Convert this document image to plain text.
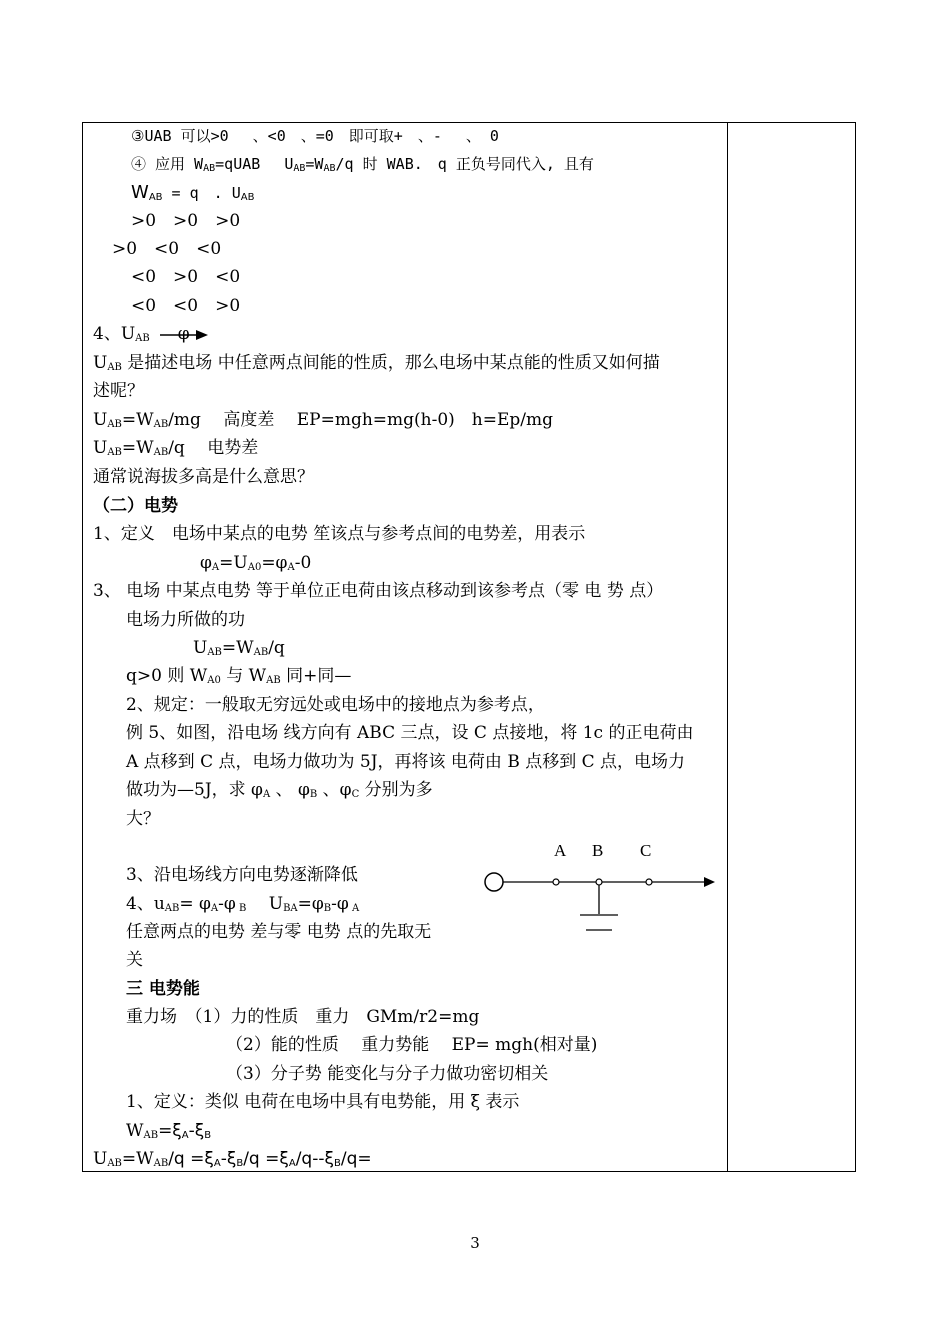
③UAB 可以>0　 、<0　、=0　即可取+　、-　 、 0
④ 应用 $W_{AB}=qUAB$　 $U_{AB}=W_{AB}/q$ 时 WAB.　q 正负号同代入, 且有
$W_{AB} = q$　. $U_{AB}$
>0　>0　>0
>0　<0　<0
<0　>0　<0
<0　<0　>0
4、$U_{AB}$ φ
$U_{AB}$ 是描述电场 中任意两点间能的性质，那么电场中某点能的性质又如何描
述呢？
$U_{AB}=W_{AB}/mg$　 高度差　 EP=mgh=mg(h-0)　h=Ep/mg
$U_{AB}=W_{AB}/q$　 电势差
通常说海拔多高是什么意思？
（二）电势
1、定义　电场中某点的电势 笙该点与参考点间的电势差，用表示
$\varphi_A=U_{A0}=\varphi_A-0$
3、 电场 中某点电势 等于单位正电荷由该点移动到该参考点（零 电 势 点）
电场力所做的功
$U_{AB}=W_{AB}/q$
q>0 则 $W_{A0}$ 与 $W_{AB}$ 同+同—
2、规定：一般取无穷远处或电场中的接地点为参考点，
例 5、如图，沿电场 线方向有 ABC 三点，设 C 点接地，将 1c 的正电荷由
A 点移到 C 点，电场力做功为 5J，再将该 电荷由 B 点移到 C 点，电场力
做功为—5J，求 $\varphi_A$ 、 $\varphi_B$ 、$\varphi_C$ 分别为多
大？
3、沿电场线方向电势逐渐降低
4、$u_{AB}= \varphi_A-\varphi$ $_B$　 $U_{BA}=\varphi_B-\varphi$ $_A$
任意两点的电势 差与零 电势 点的先取无
关
三 电势能
重力场　（1）力的性质　重力　GMm/r2=mg
（2）能的性质　 重力势能　 EP= mgh(相对量)
（3）分子势 能变化与分子力做功密切相关
1、定义：类似 电荷在电场中具有电势能，用 ξ 表示
$W_{AB}=\xi_A-\xi_B$
$U_{AB}=W_{AB}/q =\xi_A-\xi_B/q =\xi_A/q--\xi_B/q=$
A B C
3
